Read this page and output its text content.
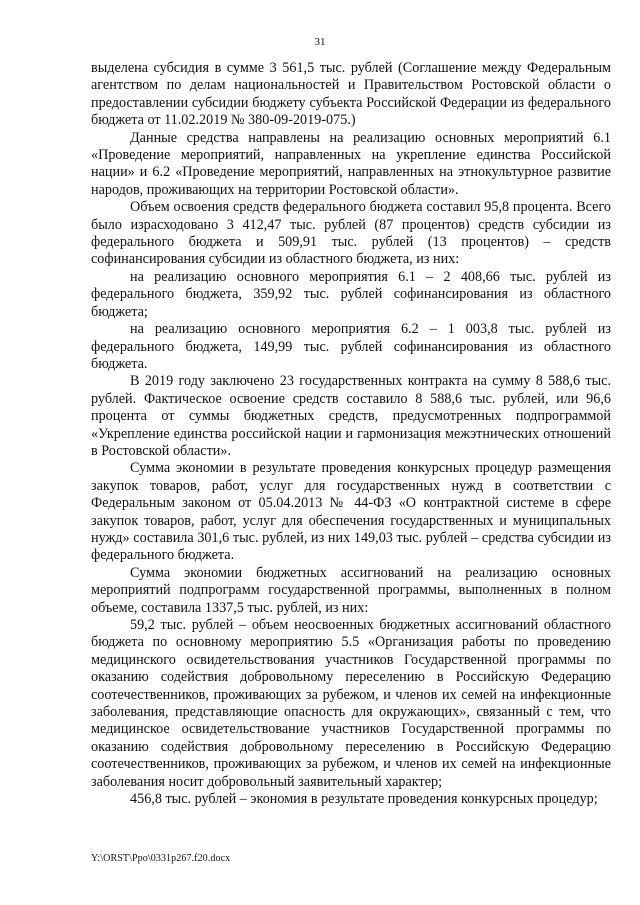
31

выделена субсидия в сумме 3 561,5 тыс. рублей (Соглашение между Федеральным агентством по делам национальностей и Правительством Ростовской области о предоставлении субсидии бюджету субъекта Российской Федерации из федерального бюджета от 11.02.2019 № 380-09-2019-075.)

Данные средства направлены на реализацию основных мероприятий 6.1 «Проведение мероприятий, направленных на укрепление единства Российской нации» и 6.2 «Проведение мероприятий, направленных на этнокультурное развитие народов, проживающих на территории Ростовской области».

Объем освоения средств федерального бюджета составил 95,8 процента. Всего было израсходовано 3 412,47 тыс. рублей (87 процентов) средств субсидии из федерального бюджета и 509,91 тыс. рублей (13 процентов) – средств софинансирования субсидии из областного бюджета, из них:

на реализацию основного мероприятия 6.1 – 2 408,66 тыс. рублей из федерального бюджета, 359,92 тыс. рублей софинансирования из областного бюджета;

на реализацию основного мероприятия 6.2 – 1 003,8 тыс. рублей из федерального бюджета, 149,99 тыс. рублей софинансирования из областного бюджета.

В 2019 году заключено 23 государственных контракта на сумму 8 588,6 тыс. рублей. Фактическое освоение средств составило 8 588,6 тыс. рублей, или 96,6 процента от суммы бюджетных средств, предусмотренных подпрограммой «Укрепление единства российской нации и гармонизация межэтнических отношений в Ростовской области».

Сумма экономии в результате проведения конкурсных процедур размещения закупок товаров, работ, услуг для государственных нужд в соответствии с Федеральным законом от 05.04.2013 № 44-ФЗ «О контрактной системе в сфере закупок товаров, работ, услуг для обеспечения государственных и муниципальных нужд» составила 301,6 тыс. рублей, из них 149,03 тыс. рублей – средства субсидии из федерального бюджета.

Сумма экономии бюджетных ассигнований на реализацию основных мероприятий подпрограмм государственной программы, выполненных в полном объеме, составила 1337,5 тыс. рублей, из них:

59,2 тыс. рублей – объем неосвоенных бюджетных ассигнований областного бюджета по основному мероприятию 5.5 «Организация работы по проведению медицинского освидетельствования участников Государственной программы по оказанию содействия добровольному переселению в Российскую Федерацию соотечественников, проживающих за рубежом, и членов их семей на инфекционные заболевания, представляющие опасность для окружающих», связанный с тем, что медицинское освидетельствование участников Государственной программы по оказанию содействия добровольному переселению в Российскую Федерацию соотечественников, проживающих за рубежом, и членов их семей на инфекционные заболевания носит добровольный заявительный характер;

456,8 тыс. рублей – экономия в результате проведения конкурсных процедур;

Y:\ORST\Ppo\0331p267.f20.docx
